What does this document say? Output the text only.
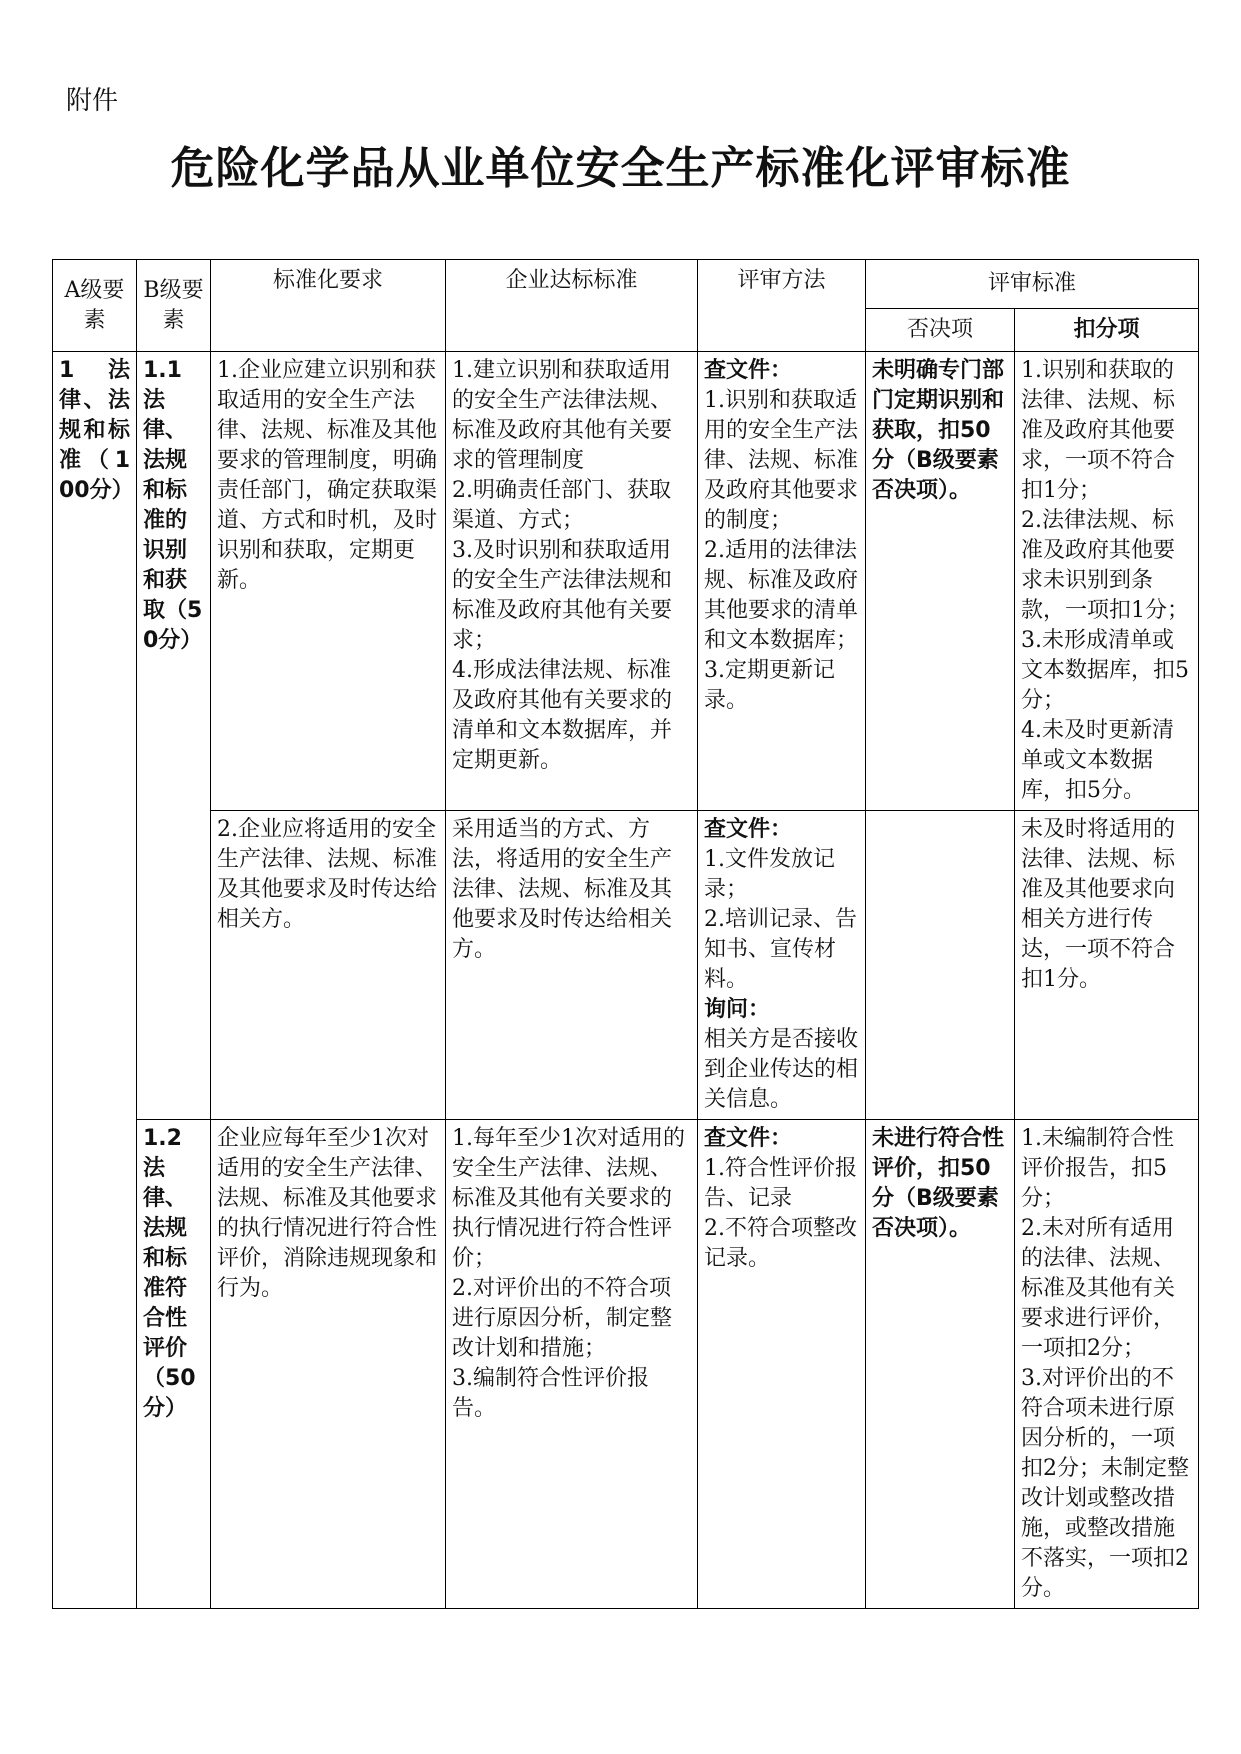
附件
危险化学品从业单位安全生产标准化评审标准
A级要素	B级要素	标准化要求	企业达标标准	评审方法	评审标准	
					否决项	扣分项
1 法律、法规和标准（100分）	1.1 法律、法规和标准的识别和获取（50分）	1.企业应建立识别和获取适用的安全生产法律、法规、标准及其他要求的管理制度，明确责任部门，确定获取渠道、方式和时机，及时识别和获取，定期更新。	1.建立识别和获取适用的安全生产法律法规、标准及政府其他有关要求的管理制度
2.明确责任部门、获取渠道、方式；
3.及时识别和获取适用的安全生产法律法规和标准及政府其他有关要求；
4.形成法律法规、标准及政府其他有关要求的清单和文本数据库，并定期更新。	查文件：
1.识别和获取适用的安全生产法律、法规、标准及政府其他要求的制度；
2.适用的法律法规、标准及政府其他要求的清单和文本数据库；
3.定期更新记录。	未明确专门部门定期识别和获取，扣50分（B级要素否决项）。	1.识别和获取的法律、法规、标准及政府其他要求，一项不符合扣1分；
2.法律法规、标准及政府其他要求未识别到条款，一项扣1分；
3.未形成清单或文本数据库，扣5分；
4.未及时更新清单或文本数据库，扣5分。

		2.企业应将适用的安全生产法律、法规、标准及其他要求及时传达给相关方。	采用适当的方式、方法，将适用的安全生产法律、法规、标准及其他要求及时传达给相关方。	查文件：
1.文件发放记录；
2.培训记录、告知书、宣传材料。
询问：
相关方是否接收到企业传达的相关信息。		未及时将适用的法律、法规、标准及其他要求向相关方进行传达，一项不符合扣1分。

	1.2 法律、法规和标准符合性评价（50分）	企业应每年至少1次对适用的安全生产法律、法规、标准及其他要求的执行情况进行符合性评价，消除违规现象和行为。	1.每年至少1次对适用的安全生产法律、法规、标准及其他有关要求的执行情况进行符合性评价；
2.对评价出的不符合项进行原因分析，制定整改计划和措施；
3.编制符合性评价报告。	查文件：
1.符合性评价报告、记录
2.不符合项整改记录。	未进行符合性评价，扣50分（B级要素否决项）。	1.未编制符合性评价报告，扣5分；
2.未对所有适用的法律、法规、标准及其他有关要求进行评价，一项扣2分；
3.对评价出的不符合项未进行原因分析的，一项扣2分；未制定整改计划或整改措施，或整改措施不落实，一项扣2分。
